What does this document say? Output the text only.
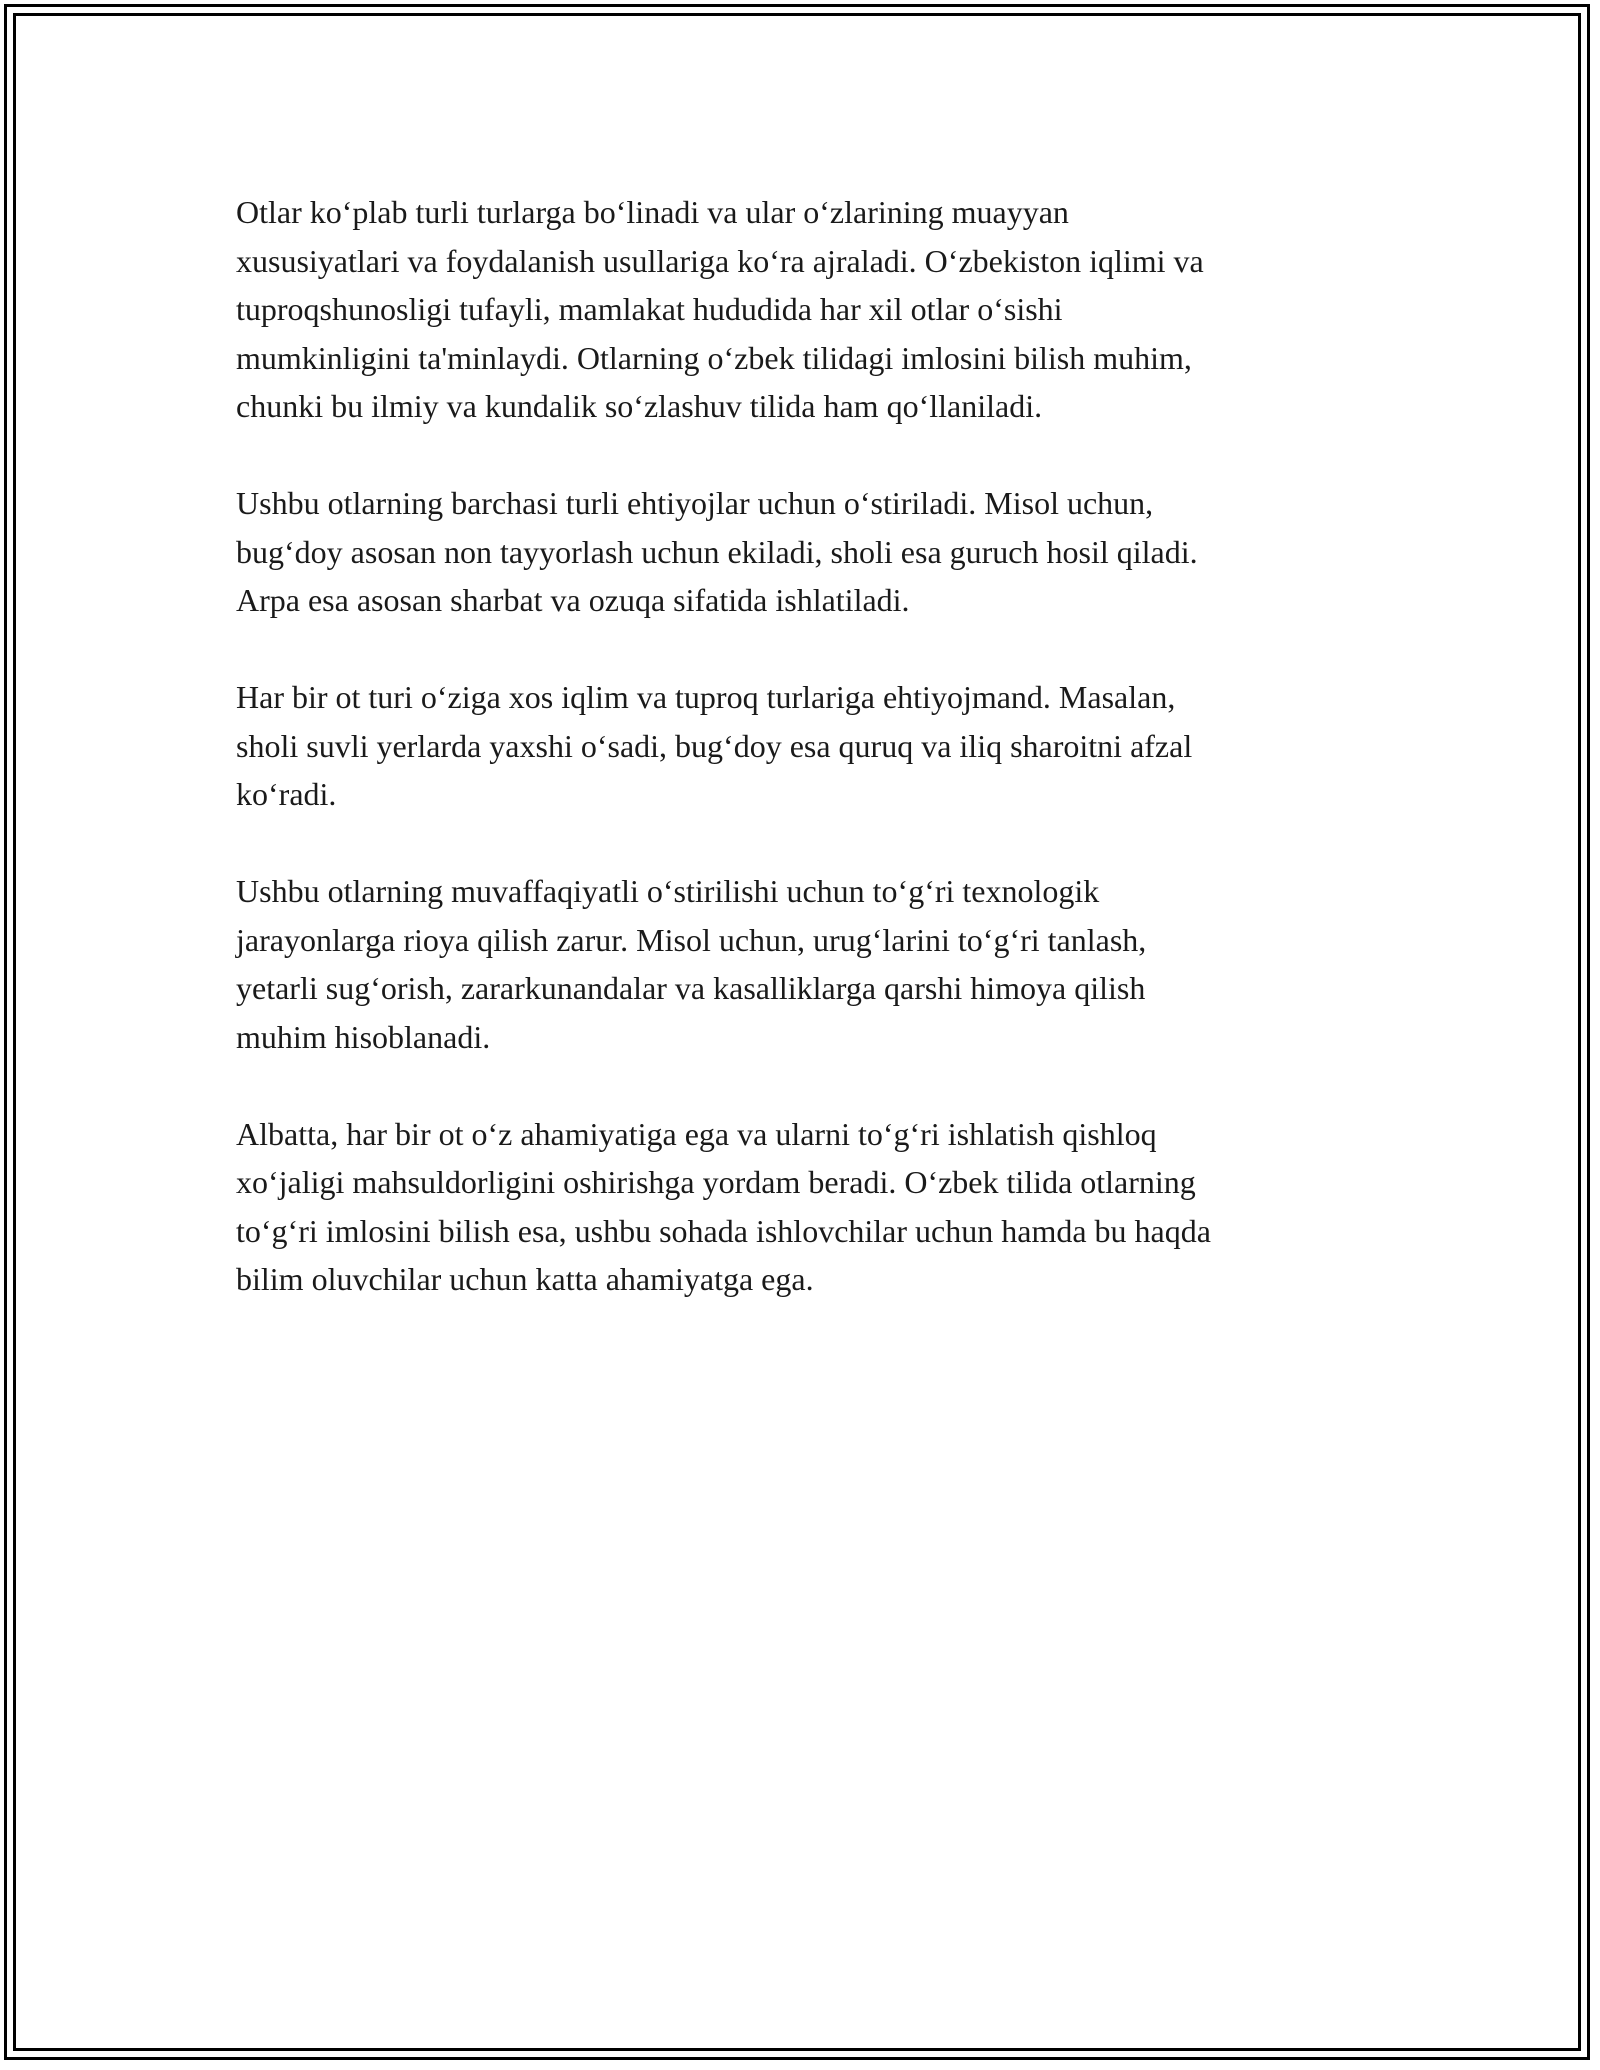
Otlar ko‘plab turli turlarga bo‘linadi va ular o‘zlarining muayyan
xususiyatlari va foydalanish usullariga ko‘ra ajraladi. O‘zbekiston iqlimi va
tuproqshunosligi tufayli, mamlakat hududida har xil otlar o‘sishi
mumkinligini ta'minlaydi. Otlarning o‘zbek tilidagi imlosini bilish muhim,
chunki bu ilmiy va kundalik so‘zlashuv tilida ham qo‘llaniladi.

Ushbu otlarning barchasi turli ehtiyojlar uchun o‘stiriladi. Misol uchun,
bug‘doy asosan non tayyorlash uchun ekiladi, sholi esa guruch hosil qiladi.
Arpa esa asosan sharbat va ozuqa sifatida ishlatiladi.

Har bir ot turi o‘ziga xos iqlim va tuproq turlariga ehtiyojmand. Masalan,
sholi suvli yerlarda yaxshi o‘sadi, bug‘doy esa quruq va iliq sharoitni afzal
ko‘radi.

Ushbu otlarning muvaffaqiyatli o‘stirilishi uchun to‘g‘ri texnologik
jarayonlarga rioya qilish zarur. Misol uchun, urug‘larini to‘g‘ri tanlash,
yetarli sug‘orish, zararkunandalar va kasalliklarga qarshi himoya qilish
muhim hisoblanadi.

Albatta, har bir ot o‘z ahamiyatiga ega va ularni to‘g‘ri ishlatish qishloq
xo‘jaligi mahsuldorligini oshirishga yordam beradi. O‘zbek tilida otlarning
to‘g‘ri imlosini bilish esa, ushbu sohada ishlovchilar uchun hamda bu haqda
bilim oluvchilar uchun katta ahamiyatga ega.
